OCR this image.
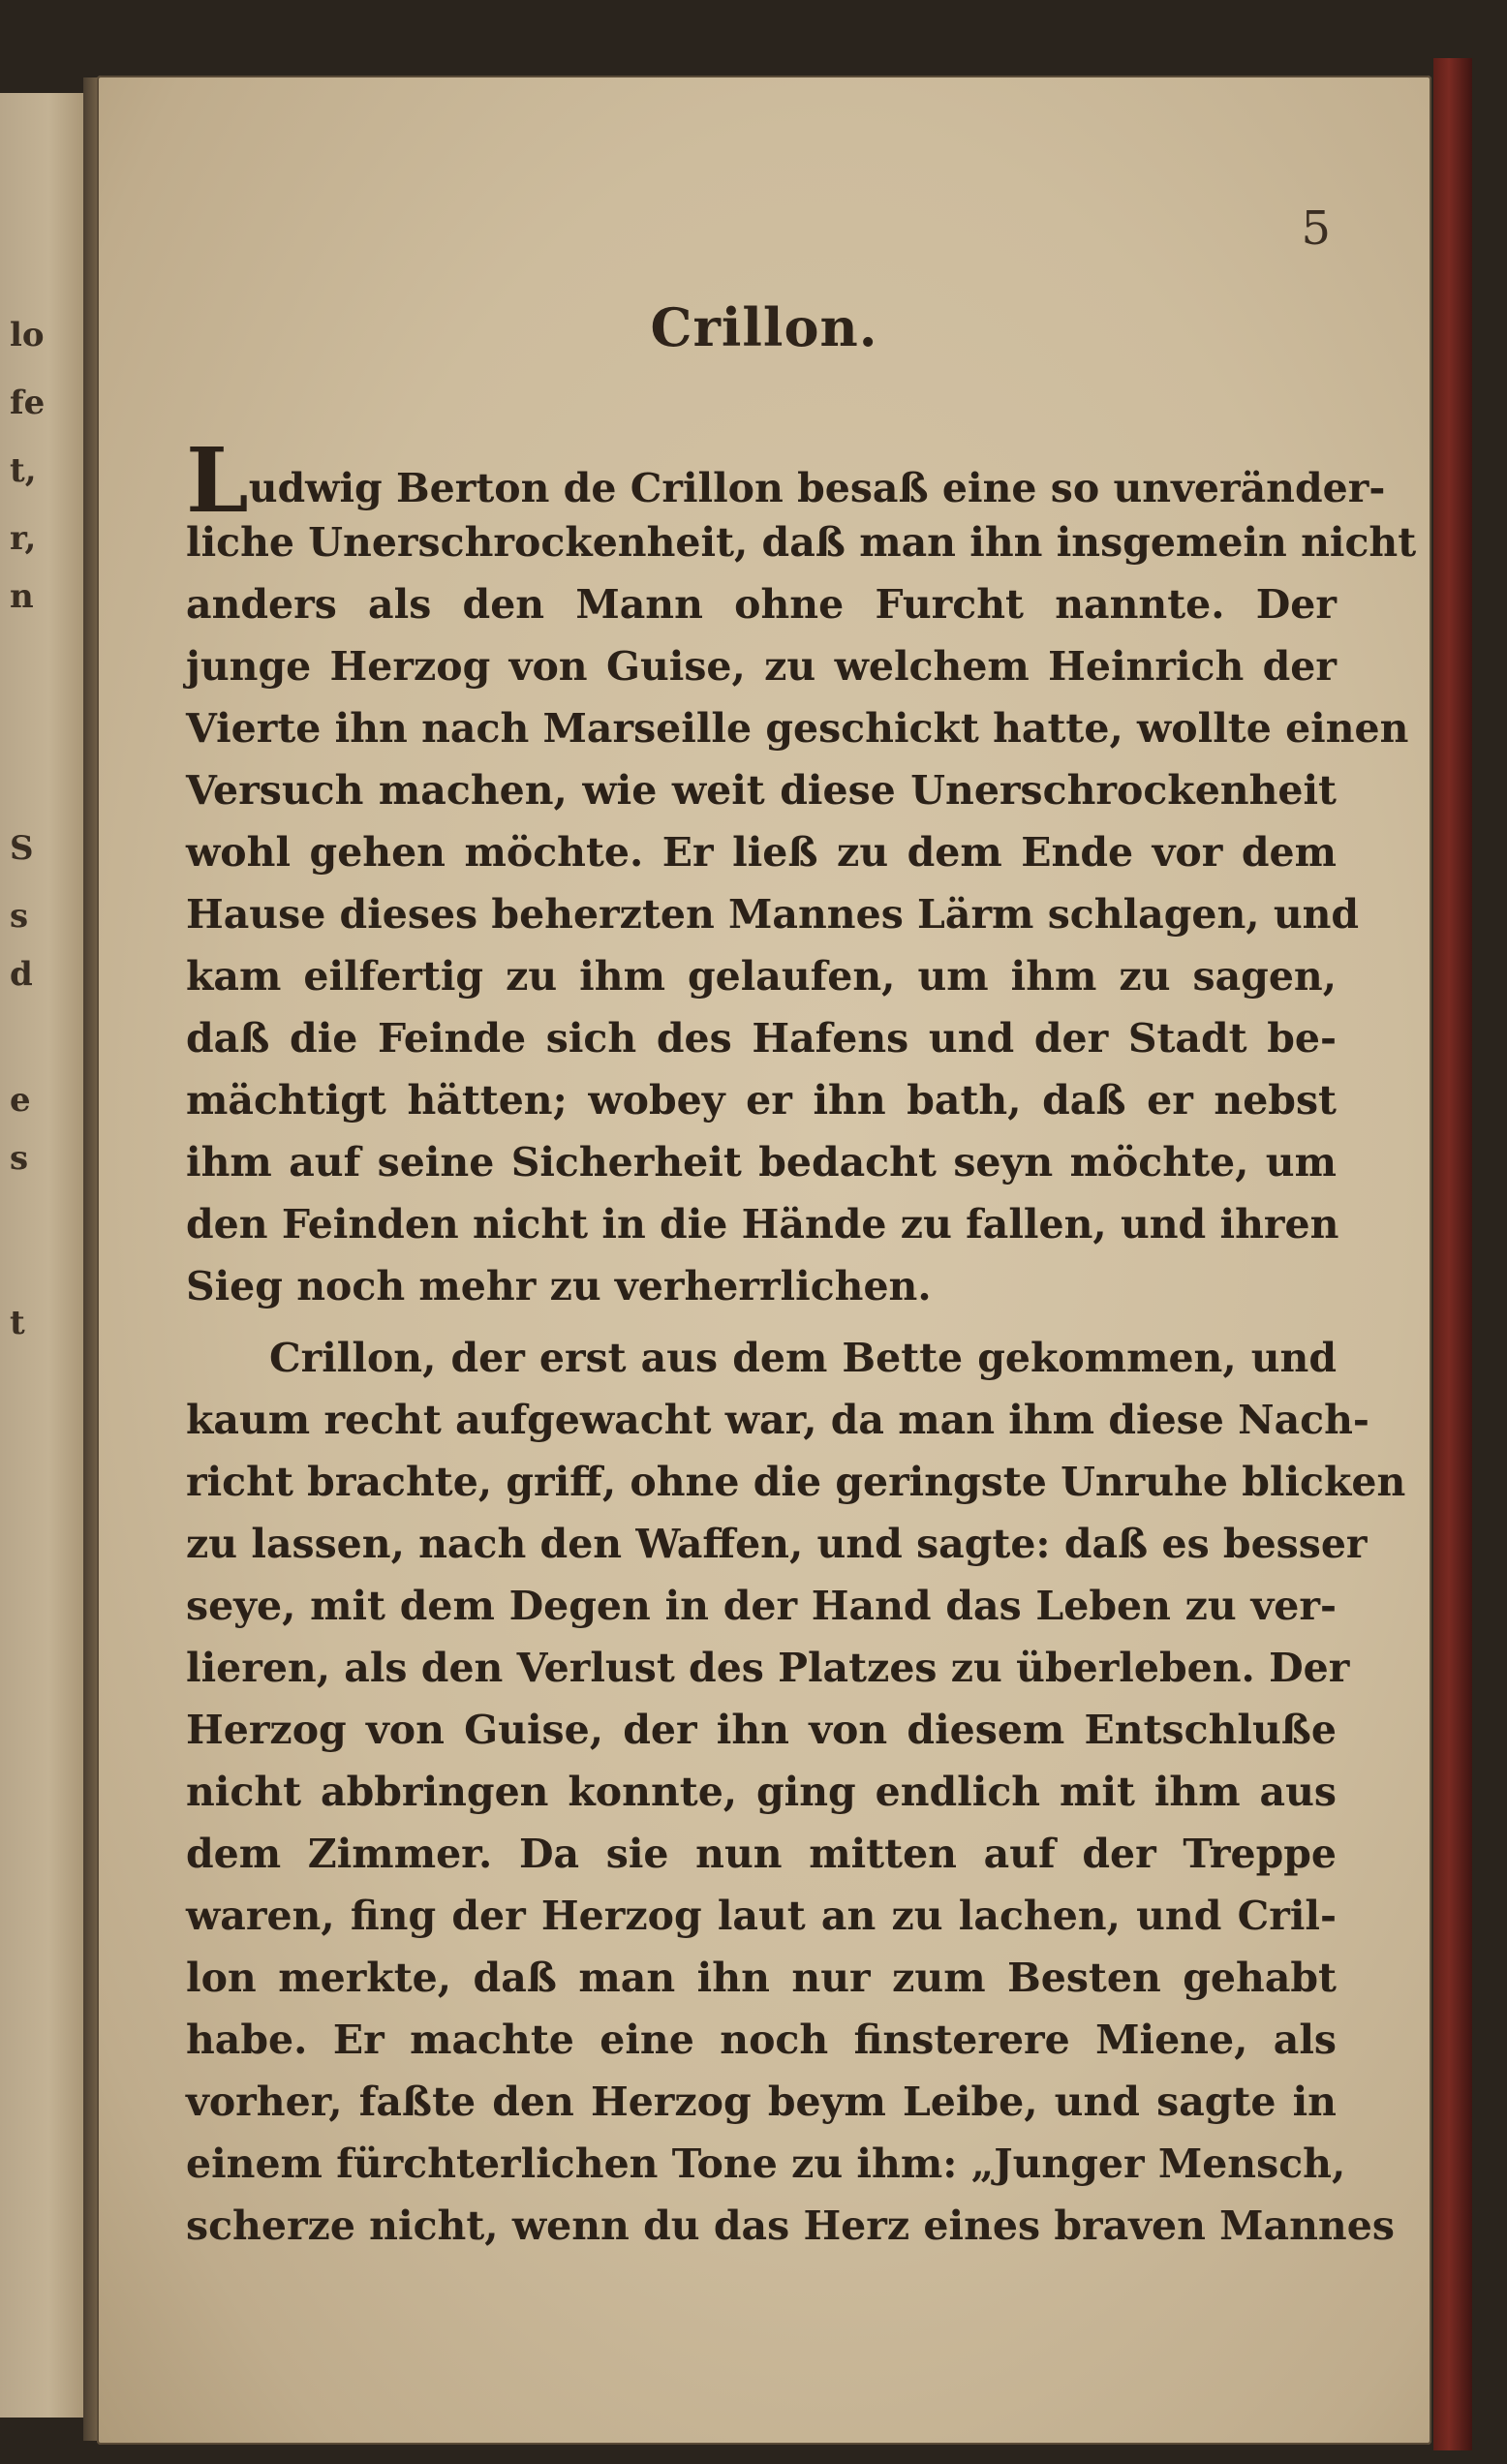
lo
fe
t,
r,
n
S
s
d
e
s
t
5
Crillon.
Ludwig Berton de Crillon besaß eine so unveränder-
liche Unerschrockenheit, daß man ihn insgemein nicht
anders als den Mann ohne Furcht nannte. Der
junge Herzog von Guise, zu welchem Heinrich der
Vierte ihn nach Marseille geschickt hatte, wollte einen
Versuch machen, wie weit diese Unerschrockenheit
wohl gehen möchte. Er ließ zu dem Ende vor dem
Hause dieses beherzten Mannes Lärm schlagen, und
kam eilfertig zu ihm gelaufen, um ihm zu sagen,
daß die Feinde sich des Hafens und der Stadt be-
mächtigt hätten; wobey er ihn bath, daß er nebst
ihm auf seine Sicherheit bedacht seyn möchte, um
den Feinden nicht in die Hände zu fallen, und ihren
Sieg noch mehr zu verherrlichen.
Crillon, der erst aus dem Bette gekommen, und
kaum recht aufgewacht war, da man ihm diese Nach-
richt brachte, griff, ohne die geringste Unruhe blicken
zu lassen, nach den Waffen, und sagte: daß es besser
seye, mit dem Degen in der Hand das Leben zu ver-
lieren, als den Verlust des Platzes zu überleben. Der
Herzog von Guise, der ihn von diesem Entschluße
nicht abbringen konnte, ging endlich mit ihm aus
dem Zimmer. Da sie nun mitten auf der Treppe
waren, fing der Herzog laut an zu lachen, und Cril-
lon merkte, daß man ihn nur zum Besten gehabt
habe. Er machte eine noch finsterere Miene, als
vorher, faßte den Herzog beym Leibe, und sagte in
einem fürchterlichen Tone zu ihm: „Junger Mensch,
scherze nicht, wenn du das Herz eines braven Mannes
